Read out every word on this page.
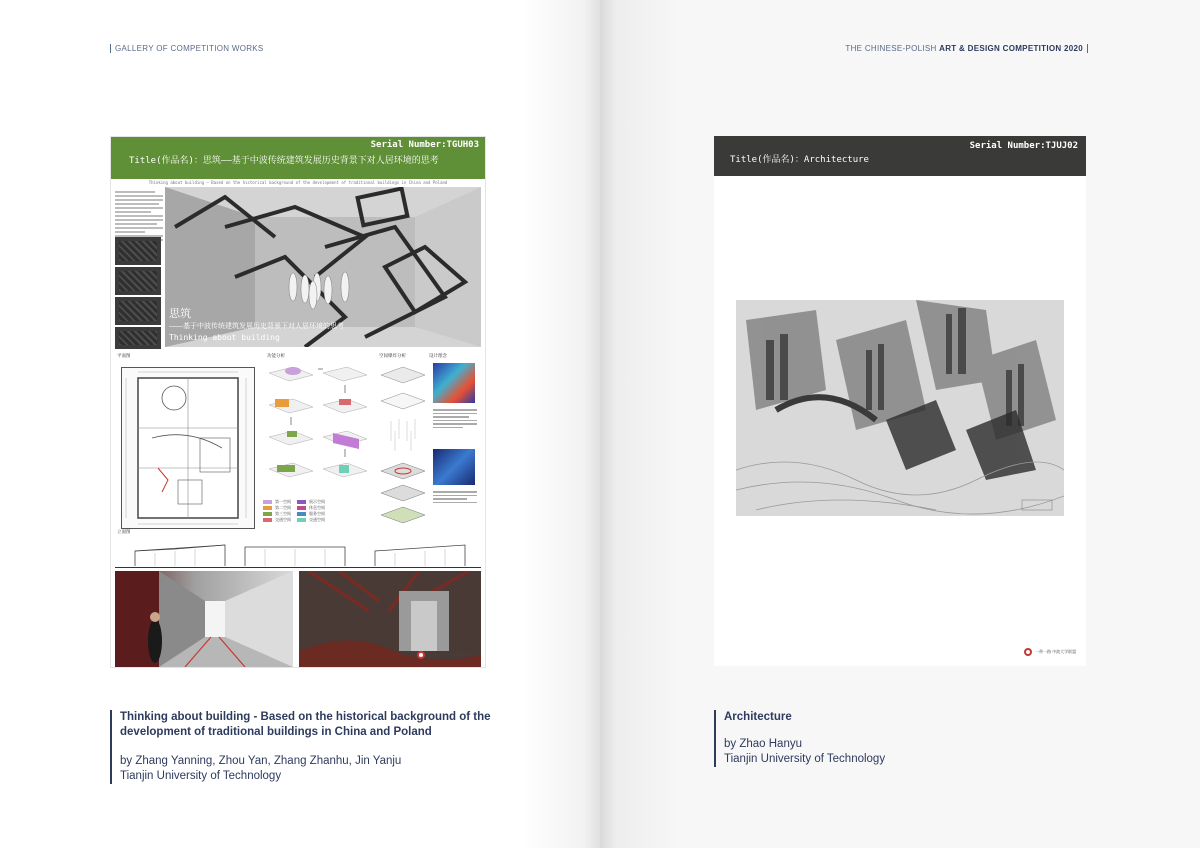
GALLERY OF COMPETITION WORKS	THE CHINESE-POLISH ART & DESIGN COMPETITION 2020
Serial Number:TGUH03
Title(作品名)：思筑——基于中波传统建筑发展历史背景下对人居环境的思考
Thinking about building — Based on the historical background of the development of traditional buildings in China and Poland
思筑
——基于中波传统建筑发展历史背景下对人居环境的思考
Thinking about building
平面图	功能分析	空间爆炸分析	设计理念
第一空间
第二空间
第三空间
交通空间
展示空间
休息空间
服务空间
交通空间
立面图
一带一路 中波大学联盟
Serial Number:TJUJ02
Title(作品名)：Architecture
一带一路 中波大学联盟
Thinking about building - Based on the historical background of the
development of traditional buildings in China and Poland
by Zhang Yanning, Zhou Yan, Zhang Zhanhu, Jin Yanju
Tianjin University of Technology
Architecture
by Zhao Hanyu
Tianjin University of Technology
